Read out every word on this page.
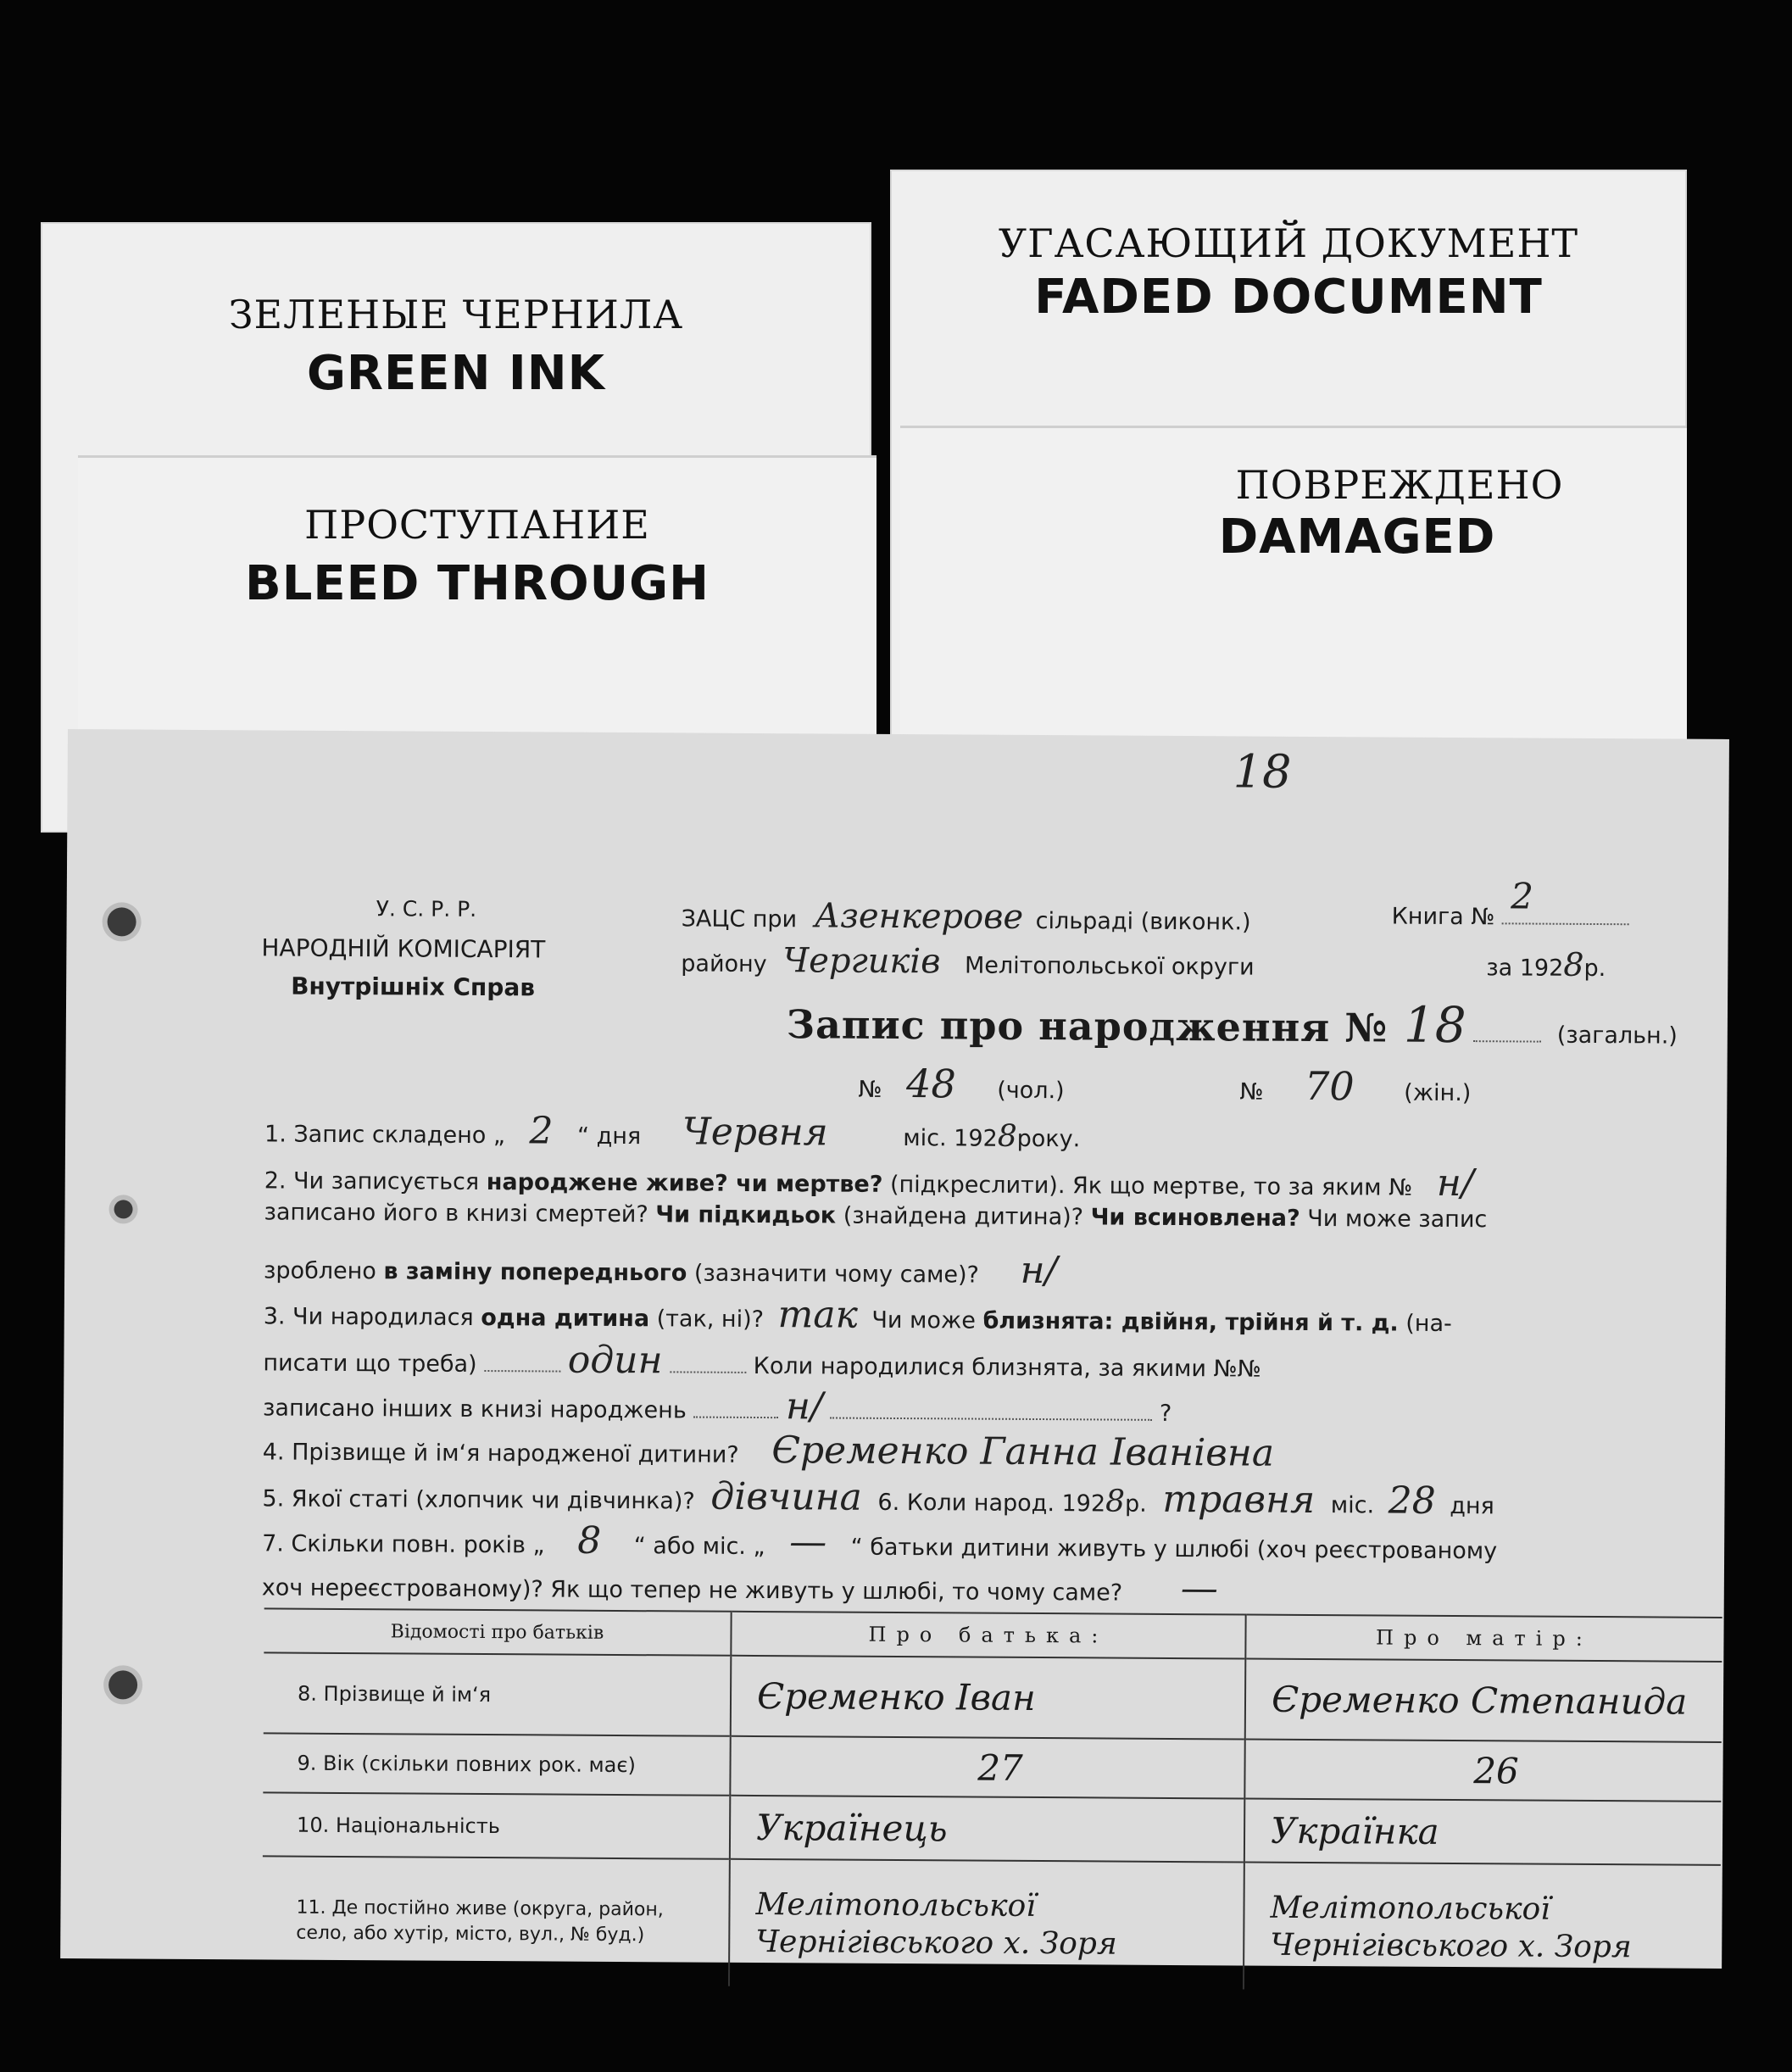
ЗЕЛЕНЫЕ ЧЕРНИЛА
GREEN INK
УГАСАЮЩИЙ ДОКУМЕНТ
FADED DOCUMENT
ПРОСТУПАНИЕ
BLEED THROUGH
ПОВРЕЖДЕНО
DAMAGED
18
У. С. Р. Р.
НАРОДНІЙ КОМІСАРІЯТ
Внутрішніх Справ
ЗАЦС при Азенкерове сільраді (виконк.)	Книга № 2
району Чергиків Мелітопольської округи	за 1928р.
Запис про народження № 18	(загальн.)
№ 48 (чол.)	№ 70 (жін.)
1. Запис складено „ 2 “ дня Червня	міс. 1928року.
2. Чи записується народжене живе? чи мертве? (підкреслити). Як що мертве, то за яким № н/
записано його в книзі смертей? Чи підкидьок (знайдена дитина)? Чи всиновлена? Чи може запис
зроблено в заміну попереднього (зазначити чому саме)? н/
3. Чи народилася одна дитина (так, ні)? так Чи може близнята: двійня, трійня й т. д. (на-
писати що треба) один	Коли народилися близнята, за якими №№
записано інших в книзі народжень	н/	?
4. Прізвище й ім‘я народженої дитини? Єременко Ганна Іванівна
5. Якої статі (хлопчик чи дівчинка)? дівчина 6. Коли народ. 1928р. травня міс. 28 дня
7. Скільки повн. років „ 8 “ або міс. „ — “ батьки дитини живуть у шлюбі (хоч реєстрованому
хоч нереєстрованому)? Як що тепер не живуть у шлюбі, то чому саме? —
Відомості про батьків	Про батька:	Про матір:
8. Прізвище й ім‘я	Єременко Іван	Єременко Степанида
9. Вік (скільки повних рок. має)	27	26
10. Національність	Українець	Українка
11. Де постійно живе (округа, район, село, або хутір, місто, вул., № буд.)	Мелітопольської Чернігівського х. Зоря	Мелітопольської Чернігівського х. Зоря
